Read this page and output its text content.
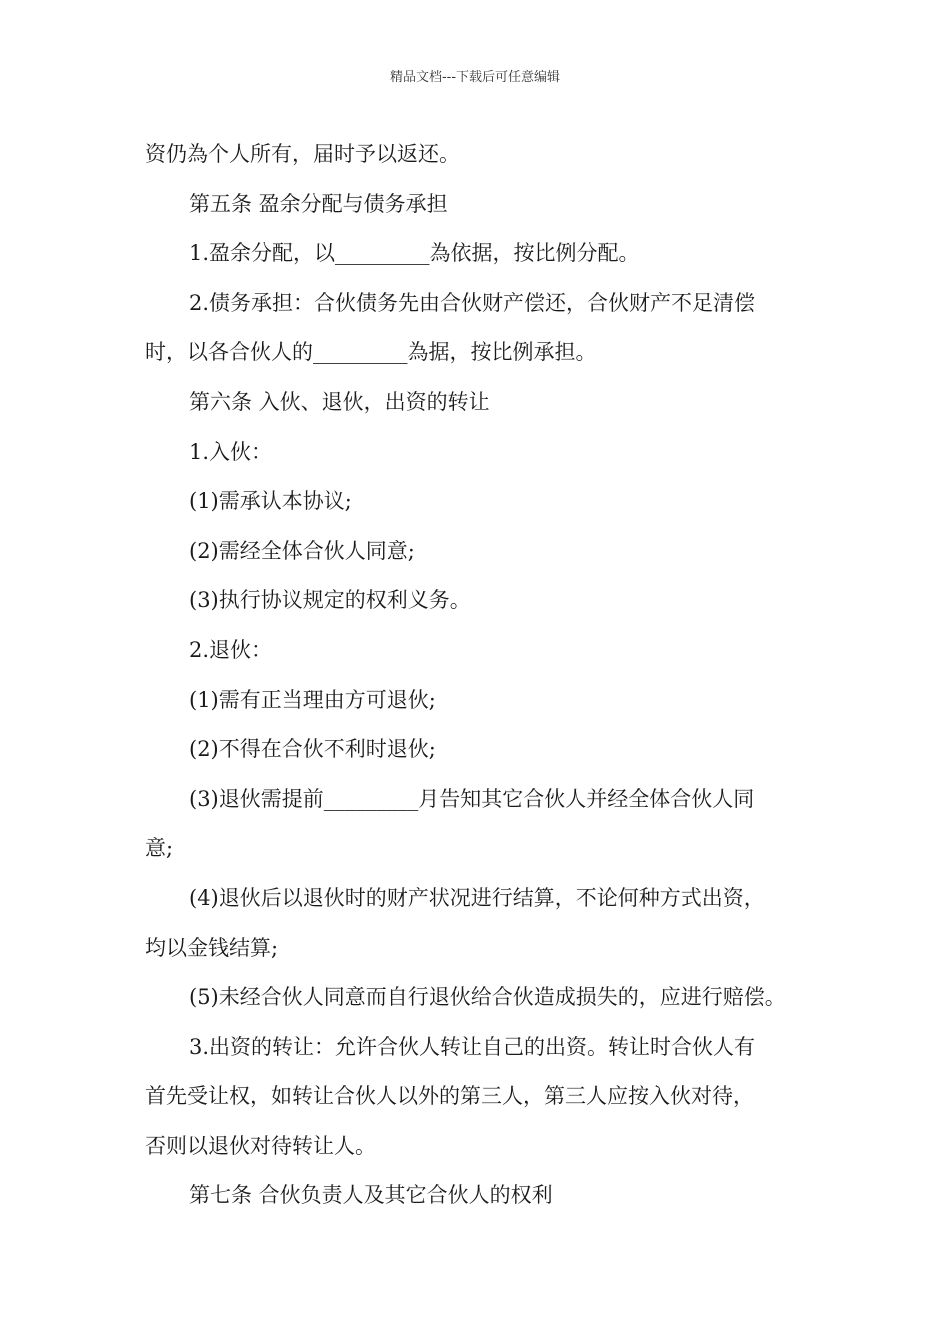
精品文档---下载后可任意编辑
资仍為个人所有，届时予以返还。
第五条 盈余分配与债务承担
1.盈余分配，以_________為依据，按比例分配。
2.债务承担：合伙债务先由合伙财产偿还，合伙财产不足清偿
时，以各合伙人的_________為据，按比例承担。
第六条 入伙、退伙，出资的转让
1.入伙：
(1)需承认本协议;
(2)需经全体合伙人同意;
(3)执行协议规定的权利义务。
2.退伙：
(1)需有正当理由方可退伙;
(2)不得在合伙不利时退伙;
(3)退伙需提前_________月告知其它合伙人并经全体合伙人同
意;
(4)退伙后以退伙时的财产状况进行结算，不论何种方式出资，
均以金钱结算;
(5)未经合伙人同意而自行退伙给合伙造成损失的，应进行赔偿。
3.出资的转让：允许合伙人转让自己的出资。转让时合伙人有
首先受让权，如转让合伙人以外的第三人，第三人应按入伙对待，
否则以退伙对待转让人。
第七条 合伙负责人及其它合伙人的权利
